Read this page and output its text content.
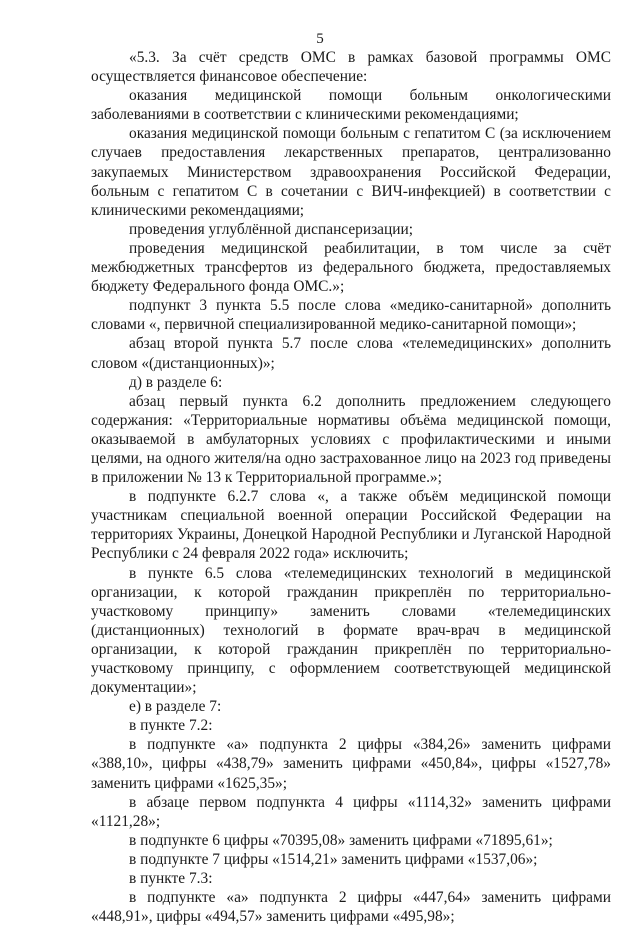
5

«5.3. За счёт средств ОМС в рамках базовой программы ОМС осуществляется финансовое обеспечение:

оказания медицинской помощи больным онкологическими заболеваниями в соответствии с клиническими рекомендациями;

оказания медицинской помощи больным с гепатитом С (за исключением случаев предоставления лекарственных препаратов, централизованно закупаемых Министерством здравоохранения Российской Федерации, больным с гепатитом С в сочетании с ВИЧ-инфекцией) в соответствии с клиническими рекомендациями;

проведения углублённой диспансеризации;

проведения медицинской реабилитации, в том числе за счёт межбюджетных трансфертов из федерального бюджета, предоставляемых бюджету Федерального фонда ОМС.»;

подпункт 3 пункта 5.5 после слова «медико-санитарной» дополнить словами «, первичной специализированной медико-санитарной помощи»;

абзац второй пункта 5.7 после слова «телемедицинских» дополнить словом «(дистанционных)»;

д) в разделе 6:

абзац первый пункта 6.2 дополнить предложением следующего содержания: «Территориальные нормативы объёма медицинской помощи, оказываемой в амбулаторных условиях с профилактическими и иными целями, на одного жителя/на одно застрахованное лицо на 2023 год приведены в приложении № 13 к Территориальной программе.»;

в подпункте 6.2.7 слова «, а также объём медицинской помощи участникам специальной военной операции Российской Федерации на территориях Украины, Донецкой Народной Республики и Луганской Народной Республики с 24 февраля 2022 года» исключить;

в пункте 6.5 слова «телемедицинских технологий в медицинской организации, к которой гражданин прикреплён по территориально-участковому принципу» заменить словами «телемедицинских (дистанционных) технологий в формате врач-врач в медицинской организации, к которой гражданин прикреплён по территориально-участковому принципу, с оформлением соответствующей медицинской документации»;

е) в разделе 7:

в пункте 7.2:

в подпункте «а» подпункта 2 цифры «384,26» заменить цифрами «388,10», цифры «438,79» заменить цифрами «450,84», цифры «1527,78» заменить цифрами «1625,35»;

в абзаце первом подпункта 4 цифры «1114,32» заменить цифрами «1121,28»;

в подпункте 6 цифры «70395,08» заменить цифрами «71895,61»;

в подпункте 7 цифры «1514,21» заменить цифрами «1537,06»;

в пункте 7.3:

в подпункте «а» подпункта 2 цифры «447,64» заменить цифрами «448,91», цифры «494,57» заменить цифрами «495,98»;
